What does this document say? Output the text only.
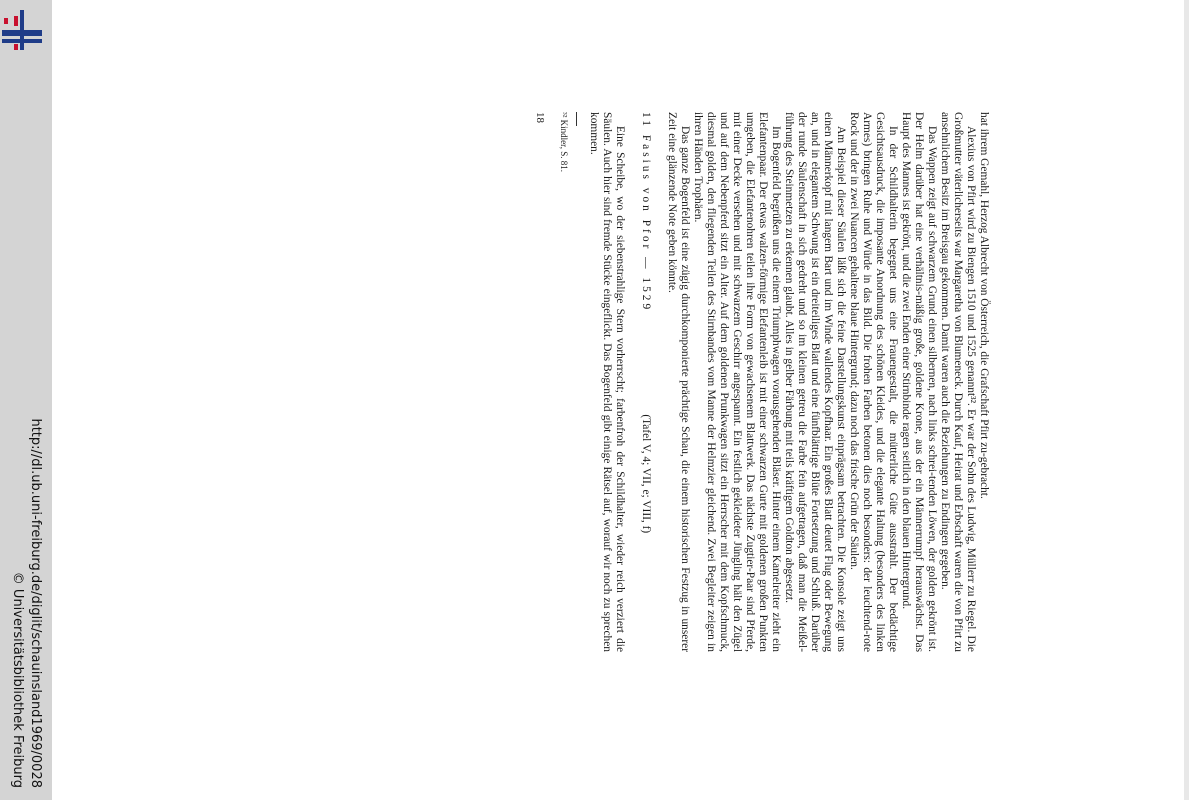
http://dl.ub.uni-freiburg.de/diglit/schauinsland1969/0028
© Universitätsbibliothek Freiburg

hat ihrem Gemahl, Herzog Albrecht von Österreich, die Grafschaft Pfirt zu-gebracht.

Alexius von Pfirt wird zu Biengen 1510 und 1525 genannt³². Er war der Sohn des Ludwig, Müllerr zu Riegel. Die Großmutter väterlicherseits war Margaretha von Blumeneck. Durch Kauf, Heirat und Erbschaft waren die von Pfirt zu ansehnlichem Besitz im Breisgau gekommen. Damit waren auch die Beziehungen zu Endingen gegeben.

Das Wappen zeigt auf schwarzem Grund einen silbernen, nach links schrei-tenden Löwen, der golden gekrönt ist. Der Helm darüber hat eine verhältnis-mäßig große, goldene Krone, aus der ein Männerrumpf herauswächst. Das Haupt des Mannes ist gekrönt, und die zwei Enden einer Stirnbinde ragen seitlich in den blauen Hintergrund.

In der Schildhalterin begegnet uns eine Frauengestalt, die mütterliche Güte ausstrahlt. Der bedächtige Gesichtsausdruck, die imposante Anordnung des schönen Kleides, und die elegante Haltung (besonders des linken Armes) bringen Ruhe und Würde in das Bild. Die frohen Farben betonen dies noch besonders: der leuchtend-rote Rock und der in zwei Nuancen gehaltene blaue Hintergrund; dazu noch das frische Grün der Säulen.

Am Beispiel dieser Säulen läßt sich die feine Darstellungskunst einprägsam betrachten. Die Konsole zeigt uns einen Männerkopf mit langem Bart und im Winde wallendes Kopfhaar. Ein großes Blatt deutet Flug oder Bewegung an, und in elegantem Schwung ist ein dreiteiliges Blatt und eine fünfblättrige Blüte Fortsetzung und Schluß. Darüber der runde Säulenschaft in sich gedreht und so im kleinen getreu die Farbe fein aufgetragen, daß man die Meißel-führung des Steinmetzen zu erkennen glaubt. Alles in gelber Färbung mit teils kräftigem Goldton abgesetzt.

Im Bogenfeld begrüßen uns die einem Triumphwagen vorausgehenden Bläser. Hinter einem Kamelreiter zieht ein Elefantenpaar. Der etwas walzen-förmige Elefantenleib ist mit einer schwarzen Gurte mit goldenen großen Punkten umgeben, die Elefantenohren teilen ihre Form von gewachsenem Blattwerk. Das nächste Zugtier-Paar sind Pferde, mit einer Decke versehen und mit schwarzem Geschirr angespannt. Ein festlich gekleideter Jüngling hält den Zügel und auf dem Nebenpferd sitzt ein Alter. Auf dem goldenen Prunkwagen sitzt ein Herrscher mit dem Kopfschmuck, diesmal golden, den fliegenden Teilen des Stirnbandes vom Manne der Helmzier gleichend. Zwei Begleiter zeigen in ihren Händen Trophäen.

Das ganze Bogenfeld ist eine zügig durchkomponierte prächtige Schau, die einem historischen Festzug in unserer Zeit eine glänzende Note geben könnte.

11 Fasius von Pfor — 1529
(Tafel V, 4; VII, e; VIII, f)

Eine Scheibe, wo der siebenstrahlige Stern vorherrscht; farbenfroh der Schildhalter, wieder reich verziert die Säulen. Auch hier sind fremde Stücke eingeflickt. Das Bogenfeld gibt einige Rätsel auf, worauf wir noch zu sprechen kommen.

³² Kindler, S. 81.
18
